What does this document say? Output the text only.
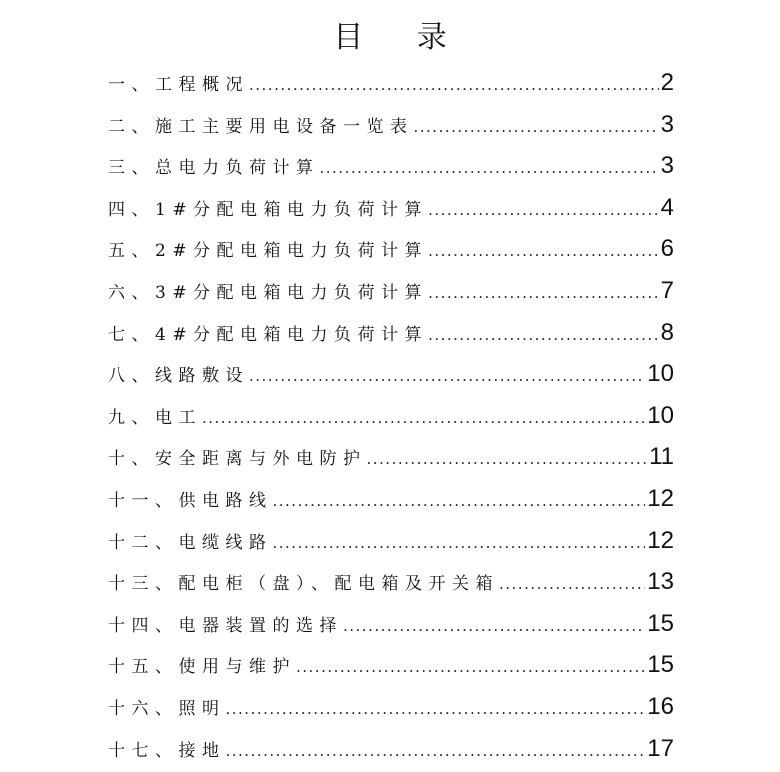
目 录
一、工程概况 .....	2
二、施工主要用电设备一览表 .....	3
三、总电力负荷计算 .....	3
四、1#分配电箱电力负荷计算 .....	4
五、2#分配电箱电力负荷计算 .....	6
六、3#分配电箱电力负荷计算 .....	7
七、4#分配电箱电力负荷计算 .....	8
八、线路敷设 .....	10
九、电工 .....	10
十、安全距离与外电防护 .....	11
十一、供电路线 .....	12
十二、电缆线路 .....	12
十三、配电柜（盘）、配电箱及开关箱 .....	13
十四、电器装置的选择 .....	15
十五、使用与维护 .....	15
十六、照明 .....	16
十七、接地 .....	17
